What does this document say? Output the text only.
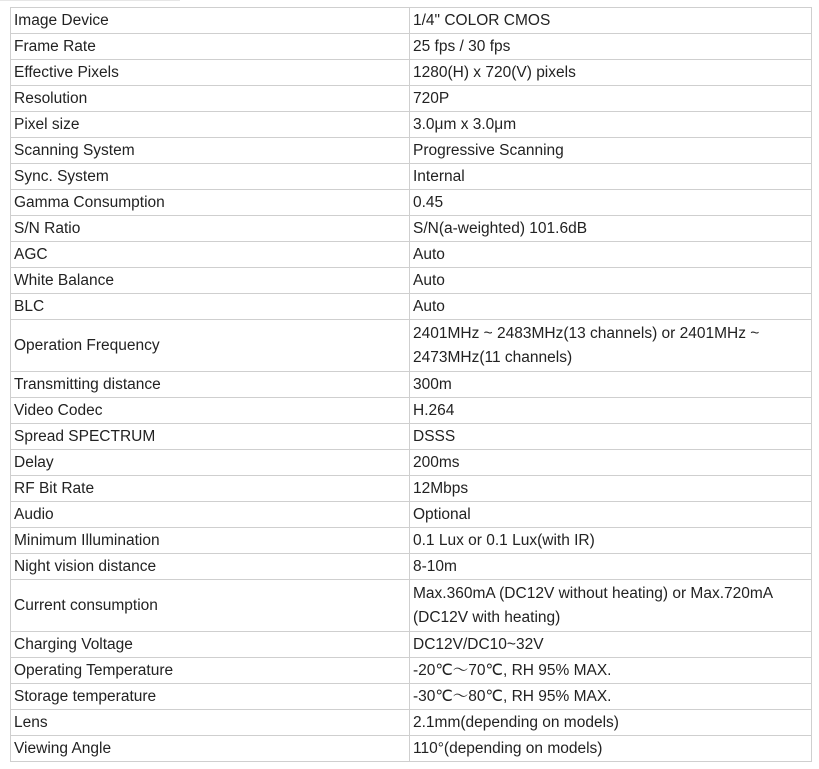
Image Device	1/4" COLOR CMOS
Frame Rate	25 fps / 30 fps
Effective Pixels	1280(H) x 720(V) pixels
Resolution	720P
Pixel size	3.0μm x 3.0μm
Scanning System	Progressive Scanning
Sync. System	Internal
Gamma Consumption	0.45
S/N Ratio	S/N(a-weighted) 101.6dB
AGC	Auto
White Balance	Auto
BLC	Auto
Operation Frequency	2401MHz ~ 2483MHz(13 channels) or 2401MHz ~ 2473MHz(11 channels)
Transmitting distance	300m
Video Codec	H.264
Spread SPECTRUM	DSSS
Delay	200ms
RF Bit Rate	12Mbps
Audio	Optional
Minimum Illumination	0.1 Lux or 0.1 Lux(with IR)
Night vision distance	8-10m
Current consumption	Max.360mA (DC12V without heating) or Max.720mA (DC12V with heating)
Charging Voltage	DC12V/DC10~32V
Operating Temperature	-20℃～70℃, RH 95% MAX.
Storage temperature	-30℃～80℃, RH 95% MAX.
Lens	2.1mm(depending on models)
Viewing Angle	110°(depending on models)
